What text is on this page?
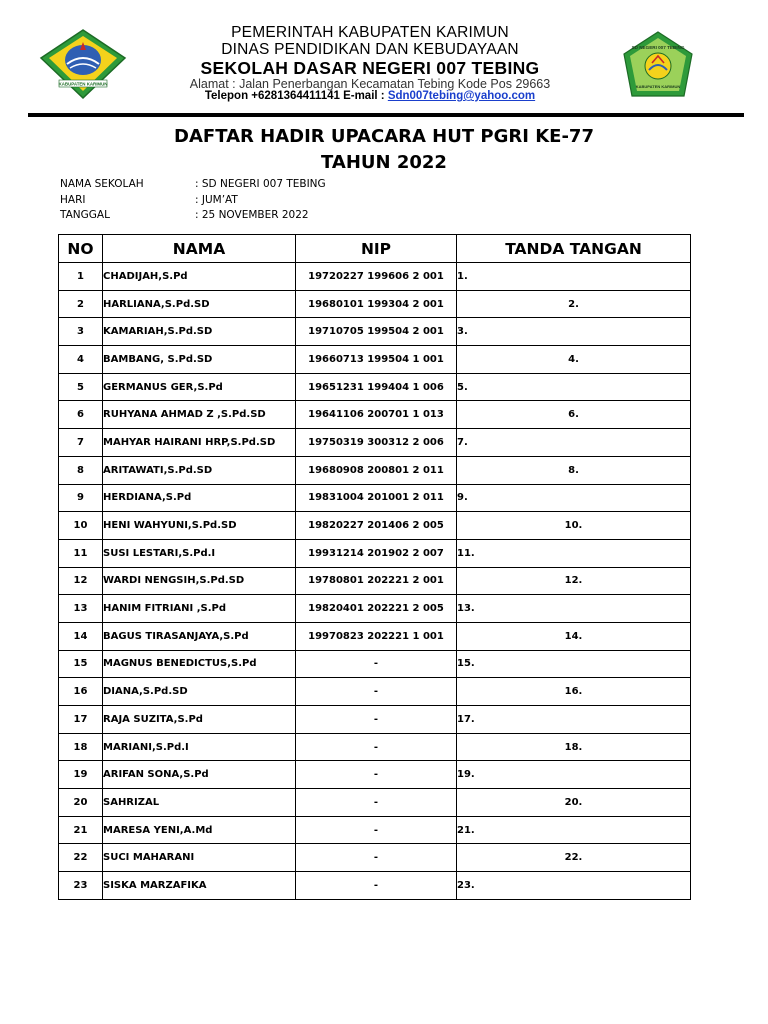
KABUPATEN KARIMUN
PEMERINTAH KABUPATEN KARIMUN
DINAS PENDIDIKAN DAN KEBUDAYAAN
SEKOLAH DASAR NEGERI 007 TEBING
Alamat : Jalan Penerbangan Kecamatan Tebing Kode Pos 29663
Telepon +6281364411141 E-mail : Sdn007tebing@yahoo.com
SD NEGERI 007 TEBING
KABUPATEN KARIMUN
DAFTAR HADIR UPACARA HUT PGRI KE-77
TAHUN 2022
NAMA SEKOLAH	: SD NEGERI 007 TEBING
HARI	: JUM’AT
TANGGAL	: 25 NOVEMBER 2022
NO	NAMA	NIP	TANDA TANGAN
1	CHADIJAH,S.Pd	19720227 199606 2 001	1.
2	HARLIANA,S.Pd.SD	19680101 199304 2 001	2.
3	KAMARIAH,S.Pd.SD	19710705 199504 2 001	3.
4	BAMBANG, S.Pd.SD	19660713 199504 1 001	4.
5	GERMANUS GER,S.Pd	19651231 199404 1 006	5.
6	RUHYANA AHMAD Z ,S.Pd.SD	19641106 200701 1 013	6.
7	MAHYAR HAIRANI HRP,S.Pd.SD	19750319 300312 2 006	7.
8	ARITAWATI,S.Pd.SD	19680908 200801 2 011	8.
9	HERDIANA,S.Pd	19831004 201001 2 011	9.
10	HENI WAHYUNI,S.Pd.SD	19820227 201406 2 005	10.
11	SUSI LESTARI,S.Pd.I	19931214 201902 2 007	11.
12	WARDI NENGSIH,S.Pd.SD	19780801 202221 2 001	12.
13	HANIM FITRIANI ,S.Pd	19820401 202221 2 005	13.
14	BAGUS TIRASANJAYA,S.Pd	19970823 202221 1 001	14.
15	MAGNUS BENEDICTUS,S.Pd	-	15.
16	DIANA,S.Pd.SD	-	16.
17	RAJA SUZITA,S.Pd	-	17.
18	MARIANI,S.Pd.I	-	18.
19	ARIFAN SONA,S.Pd	-	19.
20	SAHRIZAL	-	20.
21	MARESA YENI,A.Md	-	21.
22	SUCI MAHARANI	-	22.
23	SISKA MARZAFIKA	-	23.
